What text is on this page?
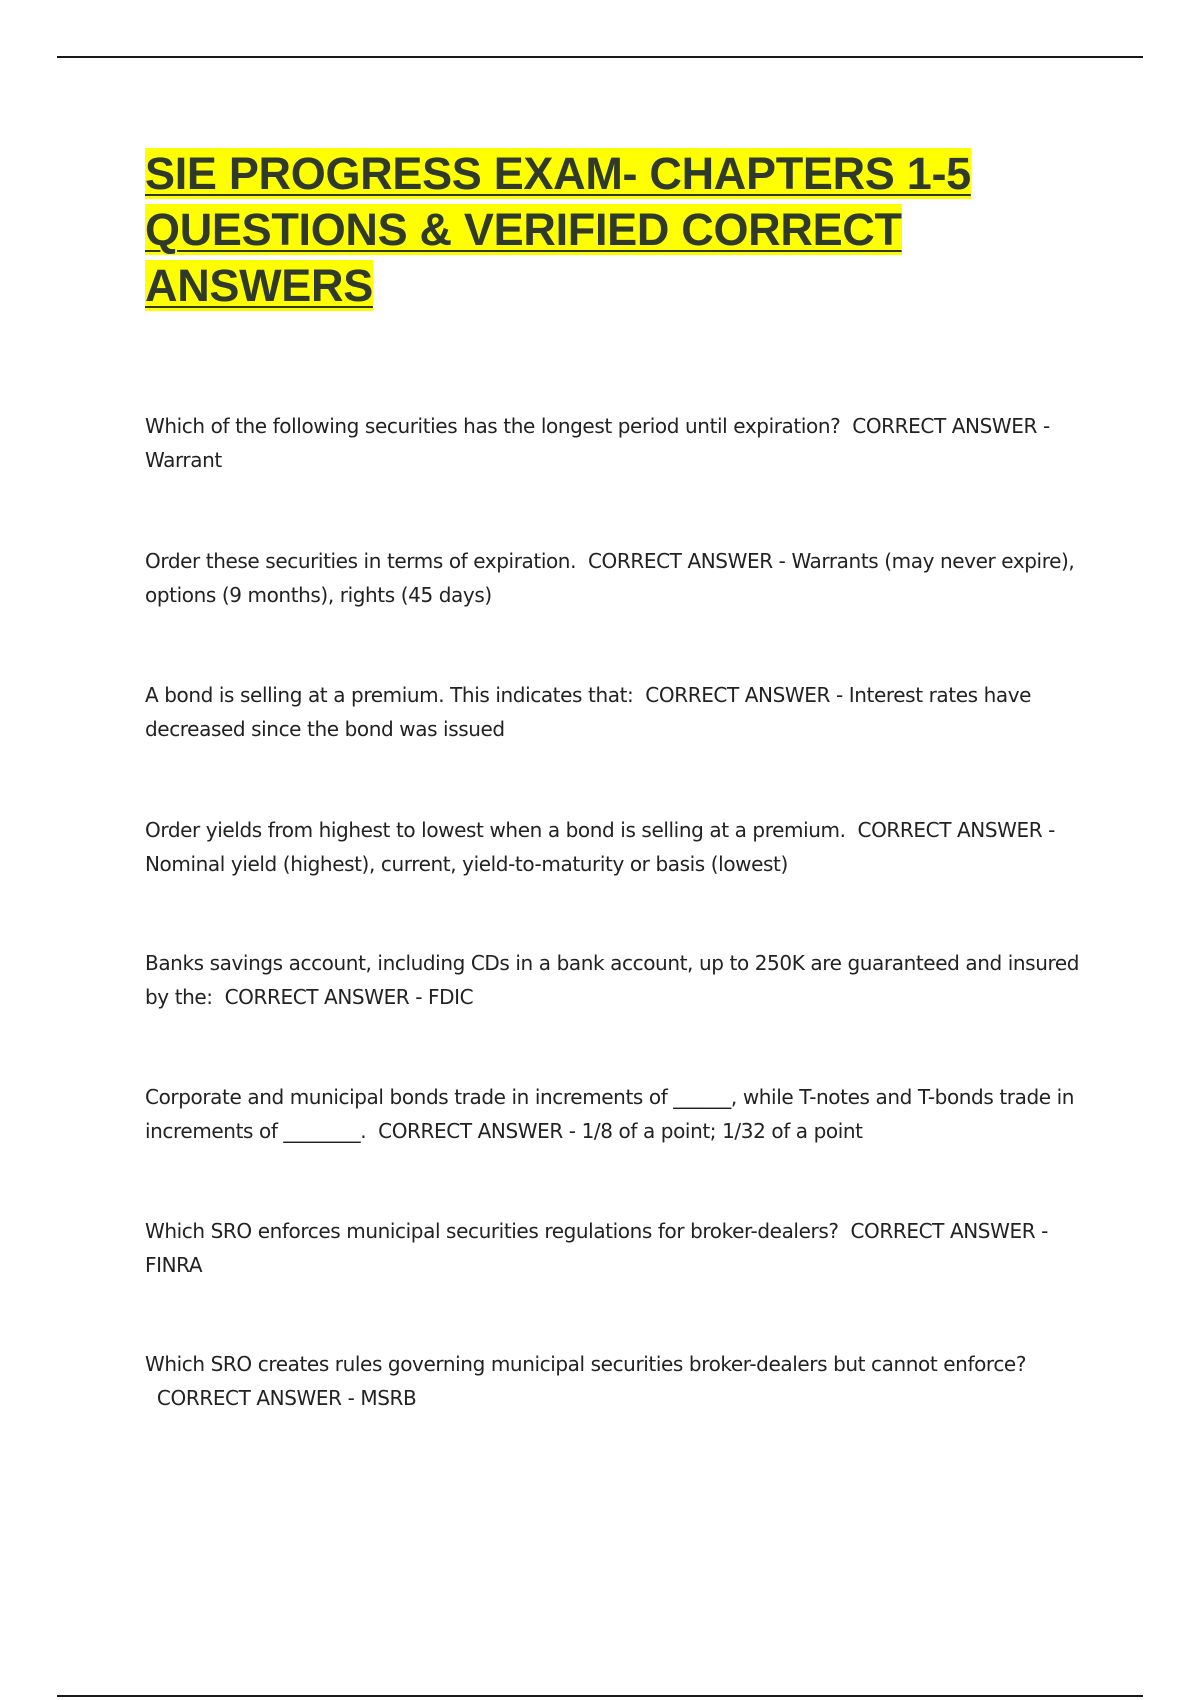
SIE PROGRESS EXAM- CHAPTERS 1-5 QUESTIONS & VERIFIED CORRECT ANSWERS

Which of the following securities has the longest period until expiration? CORRECT ANSWER - Warrant

Order these securities in terms of expiration. CORRECT ANSWER - Warrants (may never expire), options (9 months), rights (45 days)

A bond is selling at a premium. This indicates that: CORRECT ANSWER - Interest rates have decreased since the bond was issued

Order yields from highest to lowest when a bond is selling at a premium. CORRECT ANSWER - Nominal yield (highest), current, yield-to-maturity or basis (lowest)

Banks savings account, including CDs in a bank account, up to 250K are guaranteed and insured by the: CORRECT ANSWER - FDIC

Corporate and municipal bonds trade in increments of ______, while T-notes and T-bonds trade in increments of ________. CORRECT ANSWER - 1/8 of a point; 1/32 of a point

Which SRO enforces municipal securities regulations for broker-dealers? CORRECT ANSWER - FINRA

Which SRO creates rules governing municipal securities broker-dealers but cannot enforce?  CORRECT ANSWER - MSRB
